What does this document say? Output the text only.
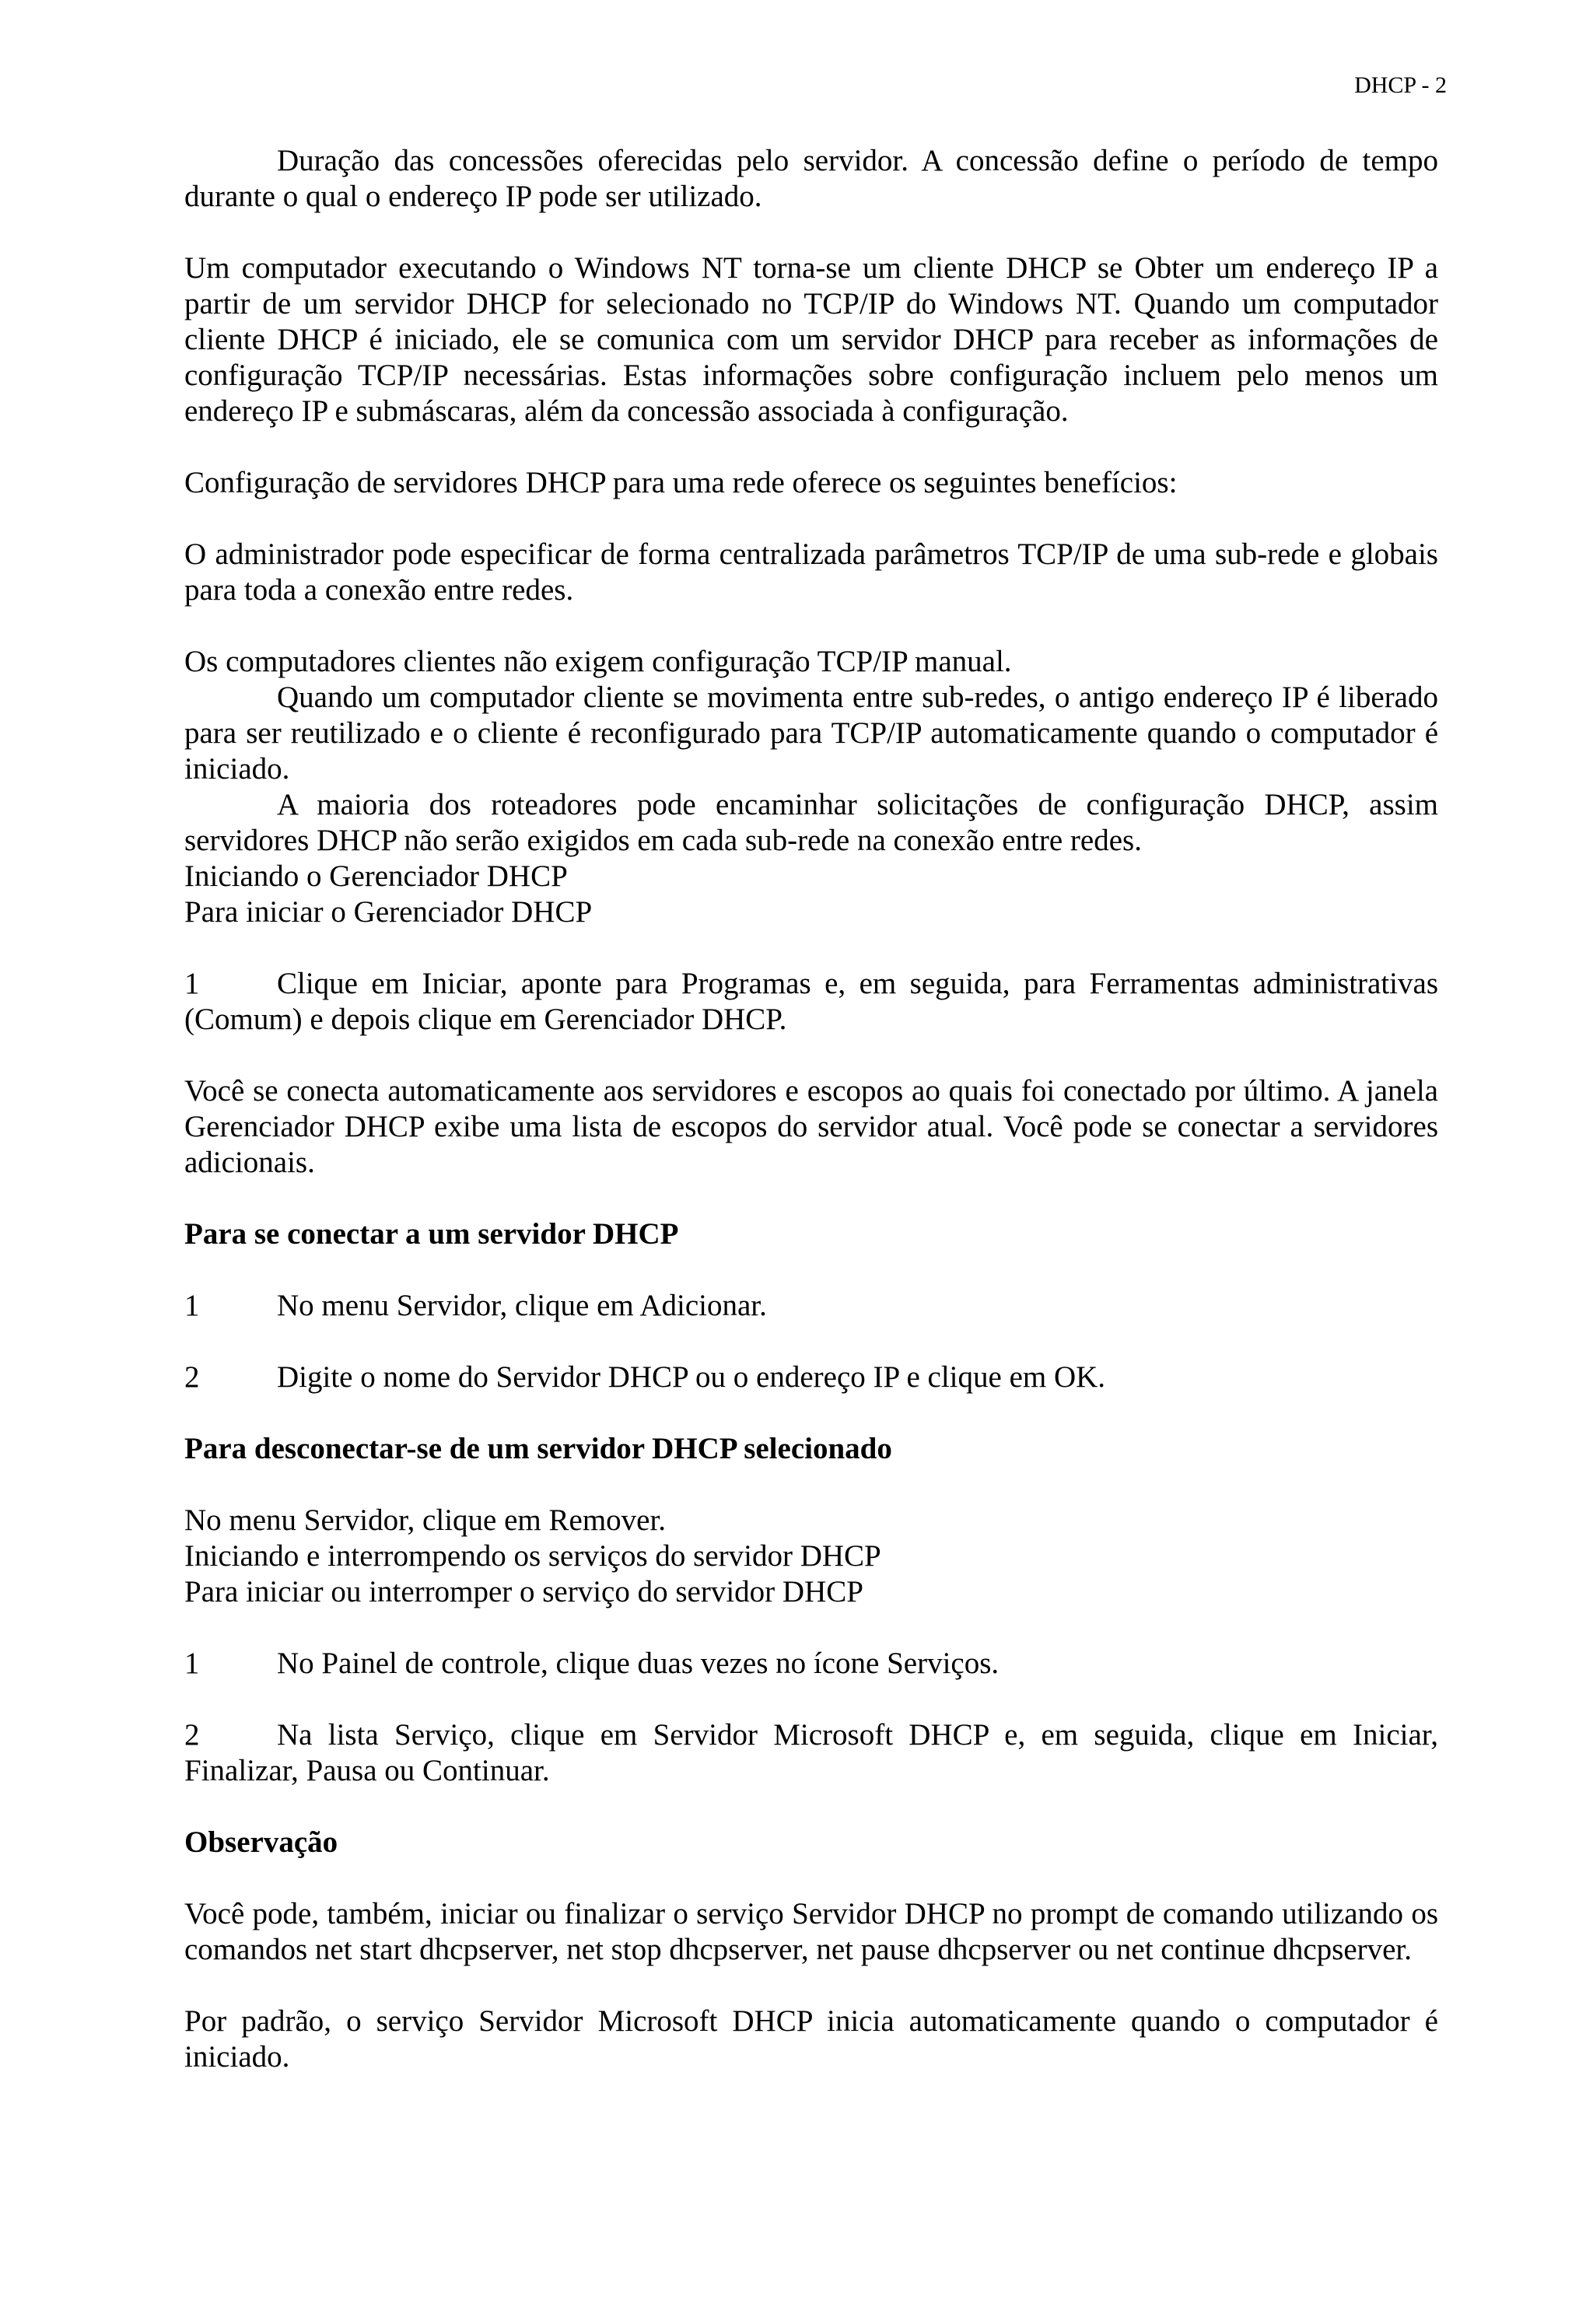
DHCP - 2

Duração das concessões oferecidas pelo servidor. A concessão define o período de tempo durante o qual o endereço IP pode ser utilizado.

Um computador executando o Windows NT torna-se um cliente DHCP se Obter um endereço IP a partir de um servidor DHCP for selecionado no TCP/IP do Windows NT. Quando um computador cliente DHCP é iniciado, ele se comunica com um servidor DHCP para receber as informações de configuração TCP/IP necessárias. Estas informações sobre configuração incluem pelo menos um endereço IP e submáscaras, além da concessão associada à configuração.

Configuração de servidores DHCP para uma rede oferece os seguintes benefícios:

O administrador pode especificar de forma centralizada parâmetros TCP/IP de uma sub-rede e globais para toda a conexão entre redes.

Os computadores clientes não exigem configuração TCP/IP manual.

Quando um computador cliente se movimenta entre sub-redes, o antigo endereço IP é liberado para ser reutilizado e o cliente é reconfigurado para TCP/IP automaticamente quando o computador é iniciado.

A maioria dos roteadores pode encaminhar solicitações de configuração DHCP, assim servidores DHCP não serão exigidos em cada sub-rede na conexão entre redes.

Iniciando o Gerenciador DHCP

Para iniciar o Gerenciador DHCP

1	Clique em Iniciar, aponte para Programas e, em seguida, para Ferramentas administrativas (Comum) e depois clique em Gerenciador DHCP.

Você se conecta automaticamente aos servidores e escopos ao quais foi conectado por último. A janela Gerenciador DHCP exibe uma lista de escopos do servidor atual. Você pode se conectar a servidores adicionais.

Para se conectar a um servidor DHCP

1	No menu Servidor, clique em Adicionar.
2	Digite o nome do Servidor DHCP ou o endereço IP e clique em OK.

Para desconectar-se de um servidor DHCP selecionado

No menu Servidor, clique em Remover.

Iniciando e interrompendo os serviços do servidor DHCP

Para iniciar ou interromper o serviço do servidor DHCP

1	No Painel de controle, clique duas vezes no ícone Serviços.

2	Na lista Serviço, clique em Servidor Microsoft DHCP e, em seguida, clique em Iniciar, Finalizar, Pausa ou Continuar.

Observação

Você pode, também, iniciar ou finalizar o serviço Servidor DHCP no prompt de comando utilizando os comandos net start dhcpserver, net stop dhcpserver, net pause dhcpserver ou net continue dhcpserver.

Por padrão, o serviço Servidor Microsoft DHCP inicia automaticamente quando o computador é iniciado.
